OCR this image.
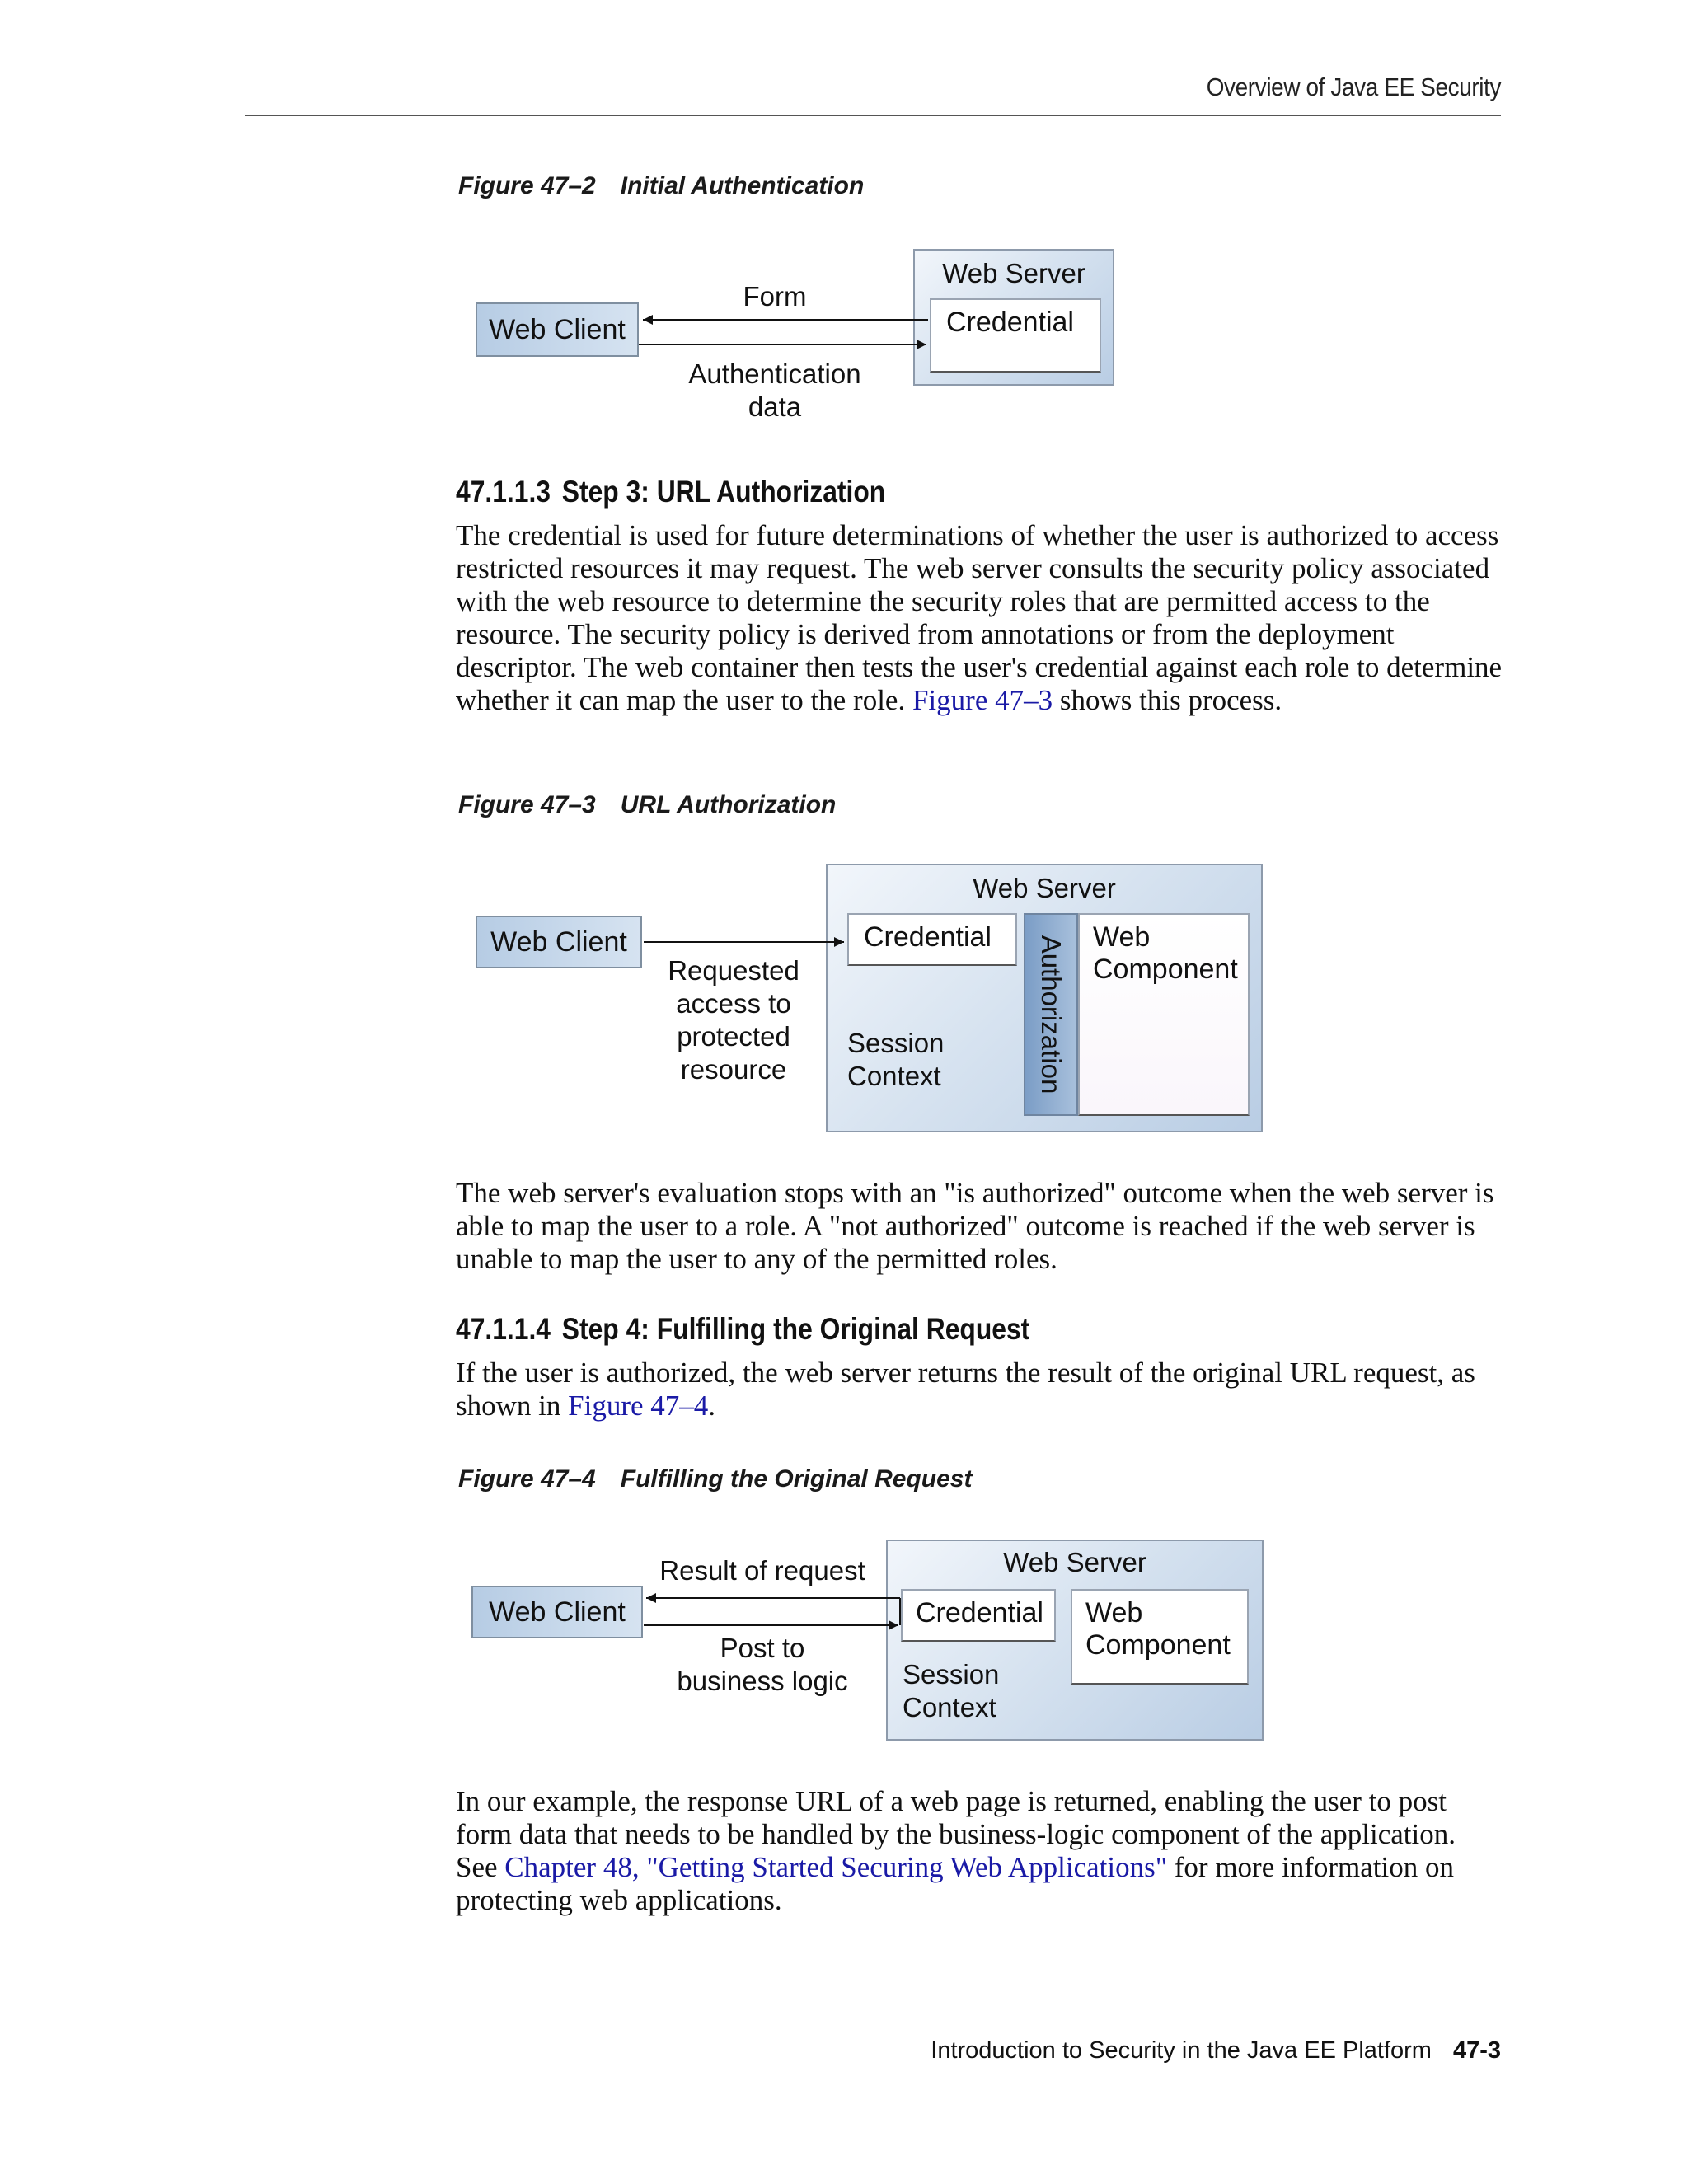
Overview of Java EE Security
Figure 47–2 Initial Authentication
Web Client
Web Server
Credential
Form
Authentication
data
47.1.1.3 Step 3: URL Authorization

The credential is used for future determinations of whether the user is authorized to access restricted resources it may request. The web server consults the security policy associated with the web resource to determine the security roles that are permitted access to the resource. The security policy is derived from annotations or from the deployment descriptor. The web container then tests the user's credential against each role to determine whether it can map the user to the role. Figure 47–3 shows this process.

Figure 47–3 URL Authorization
Web Client
Web Server
Credential
Session
Context	Authorization Web
Component
Requested
access to
protected
resource

The web server's evaluation stops with an "is authorized" outcome when the web server is able to map the user to a role. A "not authorized" outcome is reached if the web server is unable to map the user to any of the permitted roles.

47.1.1.4 Step 4: Fulfilling the Original Request

If the user is authorized, the web server returns the result of the original URL request, as shown in Figure 47–4.

Figure 47–4 Fulfilling the Original Request
Web Client
Web Server
Credential
Session
Context
Web
Component
Result of request
Post to
business logic

In our example, the response URL of a web page is returned, enabling the user to post form data that needs to be handled by the business-logic component of the application. See Chapter 48, "Getting Started Securing Web Applications" for more information on protecting web applications.

Introduction to Security in the Java EE Platform 47-3
